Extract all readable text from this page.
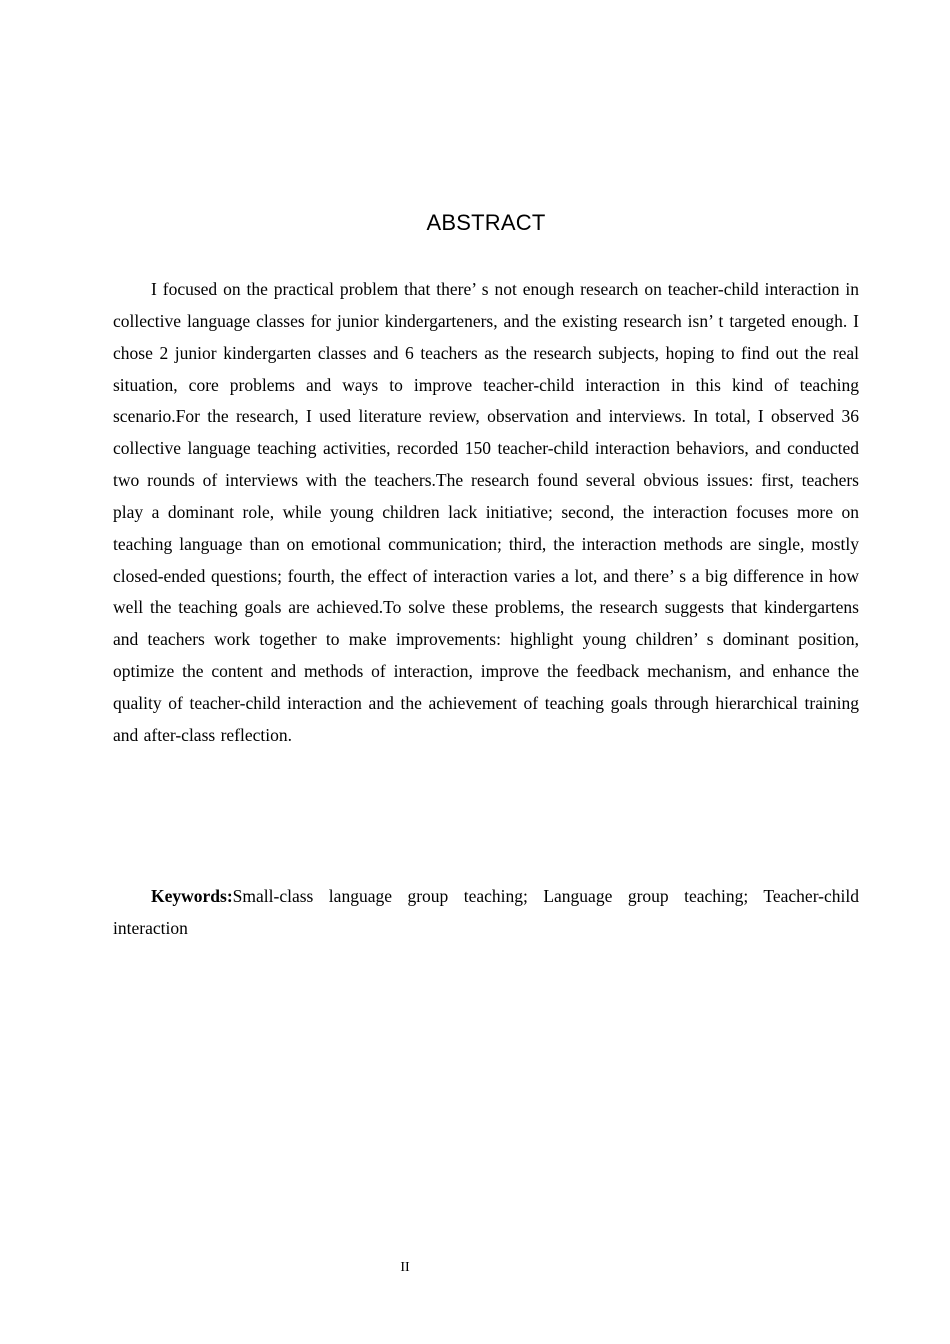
ABSTRACT

I focused on the practical problem that there’ s not enough research on teacher-child interaction in collective language classes for junior kindergarteners, and the existing research isn’ t targeted enough. I chose 2 junior kindergarten classes and 6 teachers as the research subjects, hoping to find out the real situation, core problems and ways to improve teacher-child interaction in this kind of teaching scenario.For the research, I used literature review, observation and interviews. In total, I observed 36 collective language teaching activities, recorded 150 teacher-child interaction behaviors, and conducted two rounds of interviews with the teachers.The research found several obvious issues: first, teachers play a dominant role, while young children lack initiative; second, the interaction focuses more on teaching language than on emotional communication; third, the interaction methods are single, mostly closed-ended questions; fourth, the effect of interaction varies a lot, and there’ s a big difference in how well the teaching goals are achieved.To solve these problems, the research suggests that kindergartens and teachers work together to make improvements: highlight young children’ s dominant position, optimize the content and methods of interaction, improve the feedback mechanism, and enhance the quality of teacher-child interaction and the achievement of teaching goals through hierarchical training and after-class reflection.

Keywords:Small-class language group teaching; Language group teaching; Teacher-child interaction

II
